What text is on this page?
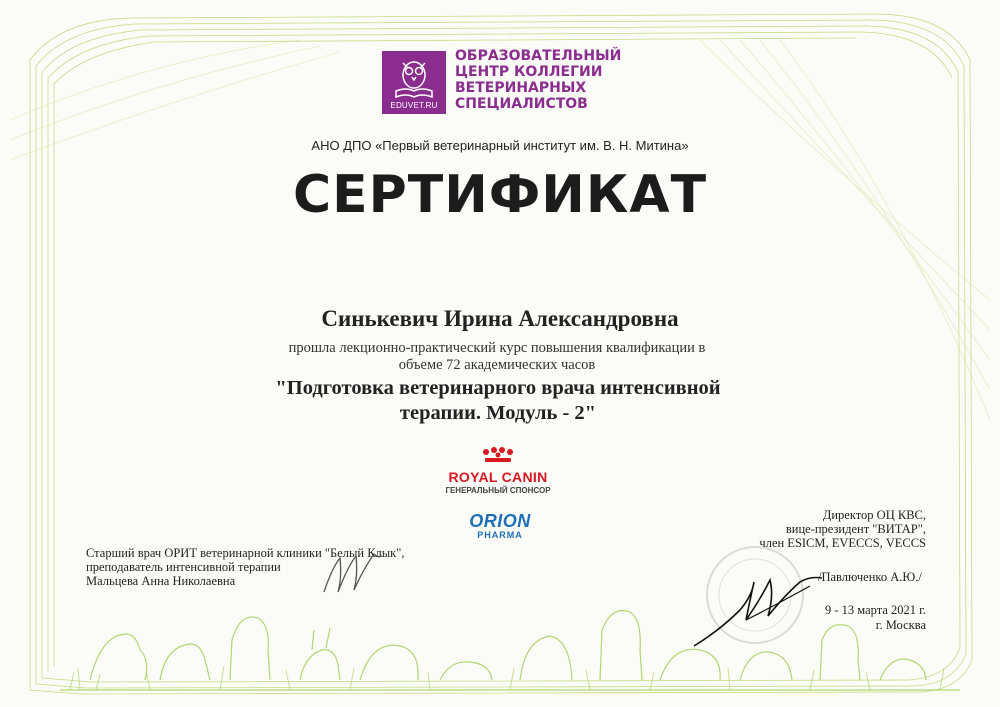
EDUVET.RU
ОБРАЗОВАТЕЛЬНЫЙ
ЦЕНТР КОЛЛЕГИИ
ВЕТЕРИНАРНЫХ
СПЕЦИАЛИСТОВ
АНО ДПО «Первый ветеринарный институт им. В. Н. Митина»
СЕРТИФИКАТ
Синькевич Ирина Александровна
прошла лекционно-практический курс повышения квалификации в
объеме 72 академических часов
"Подготовка ветеринарного врача интенсивной
терапии. Модуль - 2"
ROYAL CANIN
ГЕНЕРАЛЬНЫЙ СПОНСОР
ORION
PHARMA
Старший врач ОРИТ ветеринарной клиники "Белый Клык",
преподаватель интенсивной терапии
Мальцева Анна Николаевна
Директор ОЦ КВС,
вице-президент "ВИТАР",
член ESICM, EVECCS, VECCS
/Павлюченко А.Ю./
9 - 13 марта 2021 г.
г. Москва
